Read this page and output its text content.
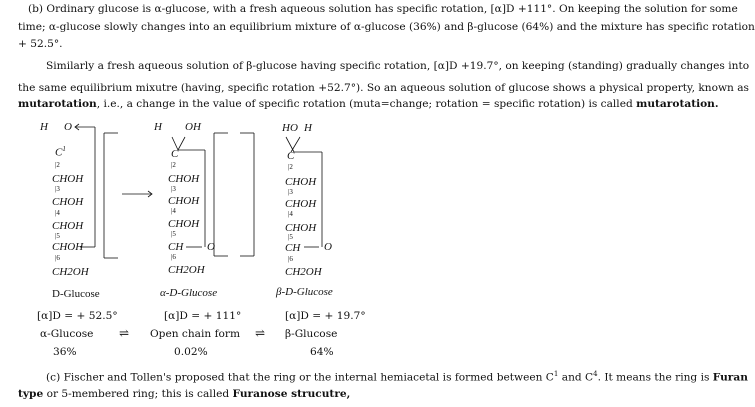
(b) Ordinary glucose is α-glucose, with a fresh aqueous solution has specific rotation, [α]D +111°. On keeping the solution for some
time; α-glucose slowly changes into an equilibrium mixture of α-glucose (36%) and β-glucose (64%) and the mixture has specific rotation
+ 52.5°.
Similarly a fresh aqueous solution of β-glucose having specific rotation, [α]D +19.7°, on keeping (standing) gradually changes into
the same equilibrium mixutre (having, specific rotation +52.7°). So an aqueous solution of glucose shows a physical property, known as
mutarotation, i.e., a change in the value of specific rotation (muta=change; rotation = specific rotation) is called mutarotation.
H O
$C^1$
|2
CHOH
|3
CHOH
|4
CHOH
|5
CHOH
|6
CH2OH
D-Glucose
H OH
C
|2
CHOH
|3
CHOH
|4
CHOH
|5
CH O
|6
CH2OH
α-D-Glucose
HO H
C
|2
CHOH
|3
CHOH
|4
CHOH
|5
CH O
|6
CH2OH
β-D-Glucose
[α]D = + 52.5°
α-Glucose
36%
⇌
[α]D = + 111°
Open chain form
0.02%
⇌
[α]D = + 19.7°
β-Glucose
64%
(c) Fischer and Tollen's proposed that the ring or the internal hemiacetal is formed between $C^1$ and $C^4$. It means the ring is Furan
type or 5-membered ring; this is called Furanose strucutre,
